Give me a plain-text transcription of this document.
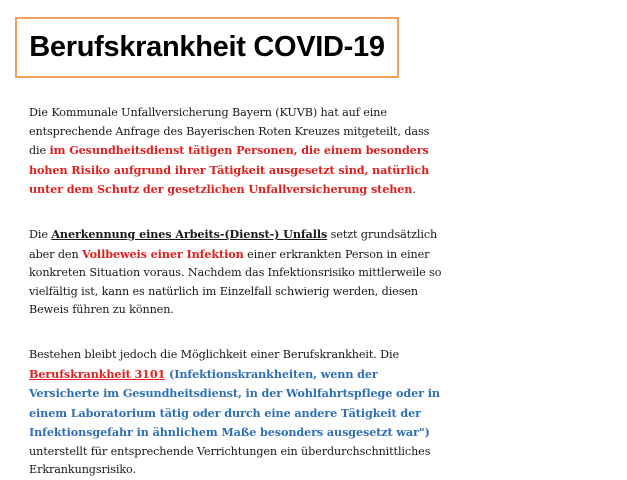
Berufskrankheit COVID-19
Die Kommunale Unfallversicherung Bayern (KUVB) hat auf eine entsprechende Anfrage des Bayerischen Roten Kreuzes mitgeteilt, dass die im Gesundheitsdienst tätigen Personen, die einem besonders hohen Risiko aufgrund ihrer Tätigkeit ausgesetzt sind, natürlich unter dem Schutz der gesetzlichen Unfallversicherung stehen.
Die Anerkennung eines Arbeits-(Dienst-) Unfalls setzt grundsätzlich aber den Vollbeweis einer Infektion einer erkrankten Person in einer konkreten Situation voraus. Nachdem das Infektionsrisiko mittlerweile so vielfältig ist, kann es natürlich im Einzelfall schwierig werden, diesen Beweis führen zu können.
Bestehen bleibt jedoch die Möglichkeit einer Berufskrankheit. Die Berufskrankheit 3101 (Infektionskrankheiten, wenn der Versicherte im Gesundheitsdienst, in der Wohlfahrtspflege oder in einem Laboratorium tätig oder durch eine andere Tätigkeit der Infektionsgefahr in ähnlichem Maße besonders ausgesetzt war") unterstellt für entsprechende Verrichtungen ein überdurchschnittliches Erkrankungsrisiko.
